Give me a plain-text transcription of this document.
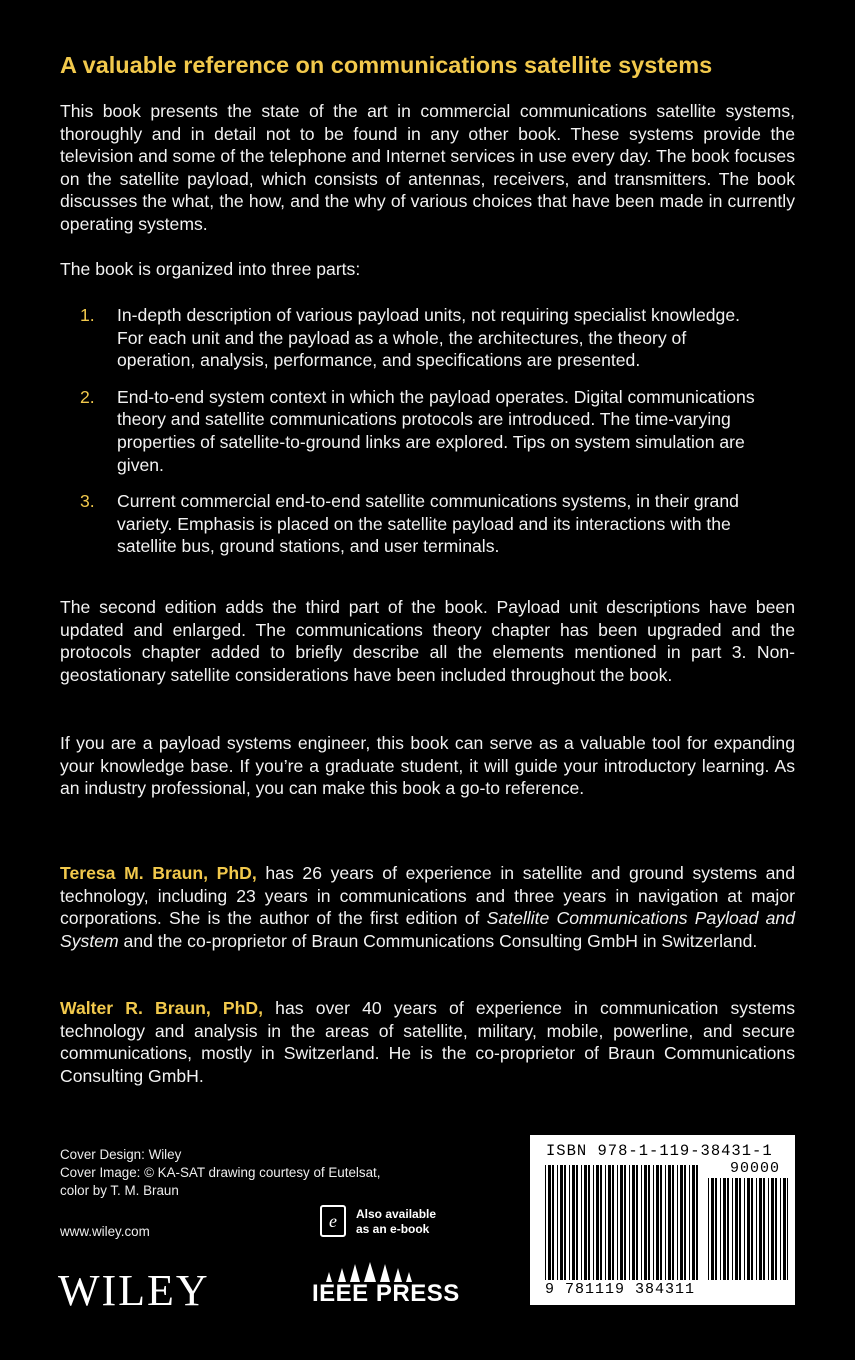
A valuable reference on communications satellite systems

This book presents the state of the art in commercial communications satellite systems, thoroughly and in detail not to be found in any other book. These systems provide the television and some of the telephone and Internet services in use every day. The book focuses on the satellite payload, which consists of antennas, receivers, and transmitters. The book discusses the what, the how, and the why of various choices that have been made in currently operating systems.

The book is organized into three parts:

1. In-depth description of various payload units, not requiring specialist knowledge. For each unit and the payload as a whole, the architectures, the theory of operation, analysis, performance, and specifications are presented.
2. End-to-end system context in which the payload operates. Digital communications theory and satellite communications protocols are introduced. The time-varying properties of satellite-to-ground links are explored. Tips on system simulation are given.
3. Current commercial end-to-end satellite communications systems, in their grand variety. Emphasis is placed on the satellite payload and its interactions with the satellite bus, ground stations, and user terminals.

The second edition adds the third part of the book. Payload unit descriptions have been updated and enlarged. The communications theory chapter has been upgraded and the protocols chapter added to briefly describe all the elements mentioned in part 3. Non-geostationary satellite considerations have been included throughout the book.

If you are a payload systems engineer, this book can serve as a valuable tool for expanding your knowledge base. If you’re a graduate student, it will guide your introductory learning. As an industry professional, you can make this book a go-to reference.

Teresa M. Braun, PhD, has 26 years of experience in satellite and ground systems and technology, including 23 years in communications and three years in navigation at major corporations. She is the author of the first edition of Satellite Communications Payload and System and the co-proprietor of Braun Communications Consulting GmbH in Switzerland.

Walter R. Braun, PhD, has over 40 years of experience in communication systems technology and analysis in the areas of satellite, military, mobile, powerline, and secure communications, mostly in Switzerland. He is the co-proprietor of Braun Communications Consulting GmbH.

Cover Design: Wiley
Cover Image: © KA-SAT drawing courtesy of Eutelsat,
color by T. M. Braun
www.wiley.com
WILEY
e Also available
as an e-book
IEEE PRESS
ISBN 978-1-119-38431-1
90000
9 781119 384311
